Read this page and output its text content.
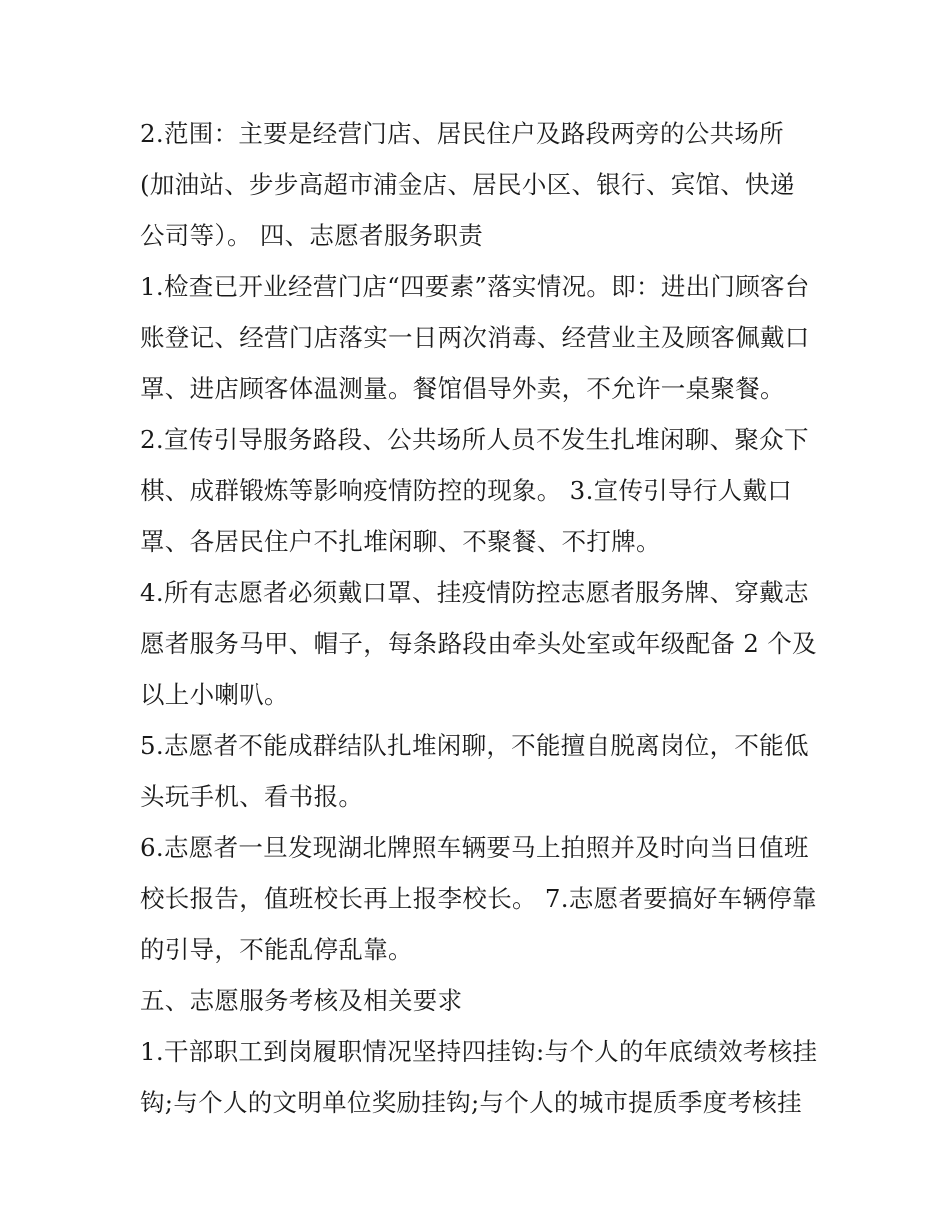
2.范围：主要是经营门店、居民住户及路段两旁的公共场所
(加油站、步步高超市浦金店、居民小区、银行、宾馆、快递
公司等）。 四、志愿者服务职责
1.检查已开业经营门店“四要素”落实情况。即：进出门顾客台
账登记、经营门店落实一日两次消毒、经营业主及顾客佩戴口
罩、进店顾客体温测量。餐馆倡导外卖，不允许一桌聚餐。
2.宣传引导服务路段、公共场所人员不发生扎堆闲聊、聚众下
棋、成群锻炼等影响疫情防控的现象。 3.宣传引导行人戴口
罩、各居民住户不扎堆闲聊、不聚餐、不打牌。
4.所有志愿者必须戴口罩、挂疫情防控志愿者服务牌、穿戴志
愿者服务马甲、帽子，每条路段由牵头处室或年级配备 2 个及
以上小喇叭。
5.志愿者不能成群结队扎堆闲聊，不能擅自脱离岗位，不能低
头玩手机、看书报。
6.志愿者一旦发现湖北牌照车辆要马上拍照并及时向当日值班
校长报告，值班校长再上报李校长。 7.志愿者要搞好车辆停靠
的引导，不能乱停乱靠。
五、志愿服务考核及相关要求
1.干部职工到岗履职情况坚持四挂钩:与个人的年底绩效考核挂
钩;与个人的文明单位奖励挂钩;与个人的城市提质季度考核挂
